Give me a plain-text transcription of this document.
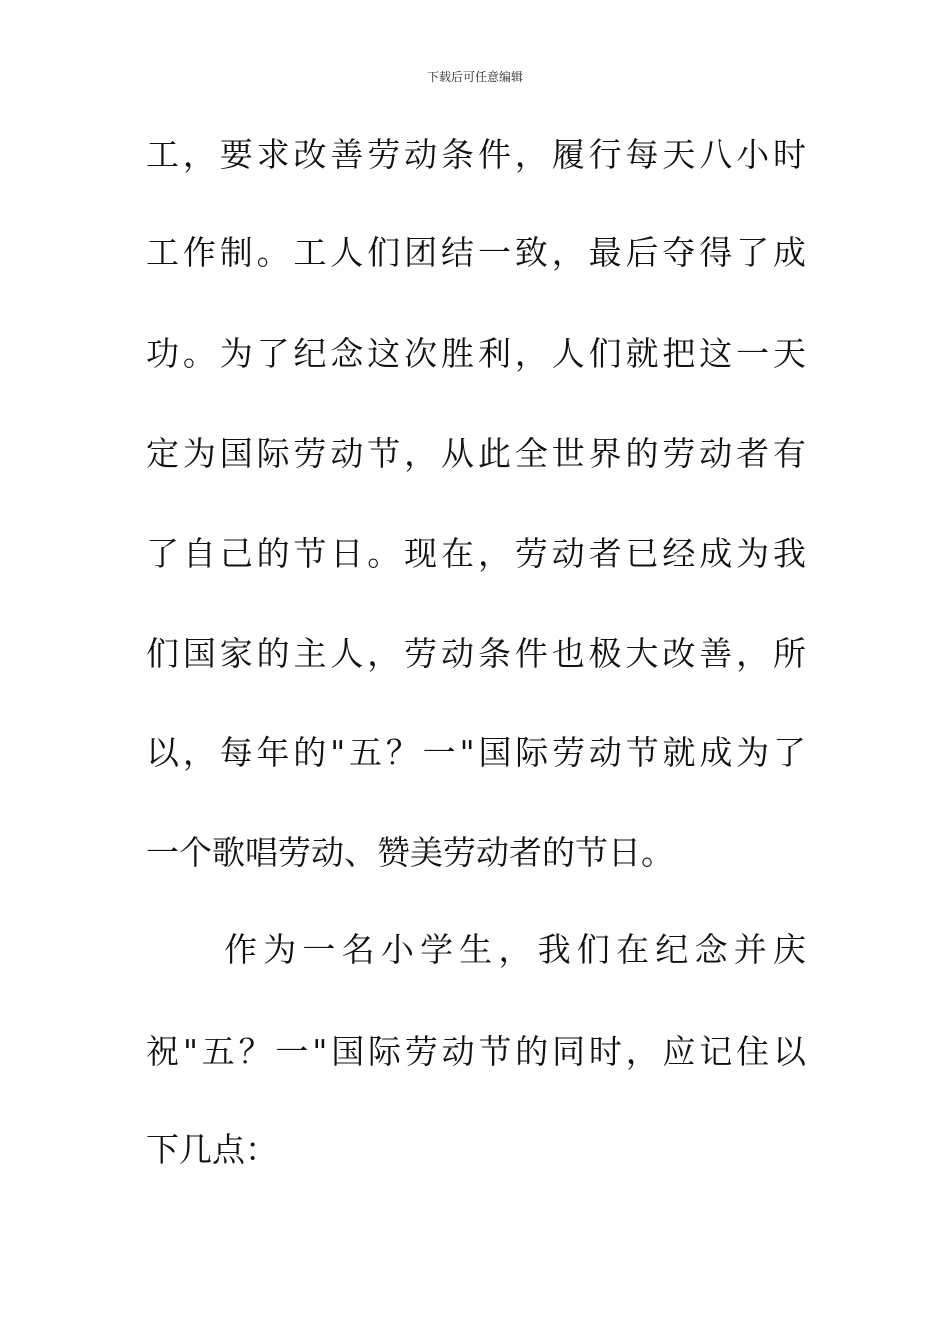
下载后可任意编辑
工，要求改善劳动条件，履行每天八小时
工作制。工人们团结一致，最后夺得了成
功。为了纪念这次胜利，人们就把这一天
定为国际劳动节，从此全世界的劳动者有
了自己的节日。现在，劳动者已经成为我
们国家的主人，劳动条件也极大改善，所
以，每年的"五？一"国际劳动节就成为了
一个歌唱劳动、赞美劳动者的节日。
作为一名小学生，我们在纪念并庆
祝"五？一"国际劳动节的同时，应记住以
下几点：
